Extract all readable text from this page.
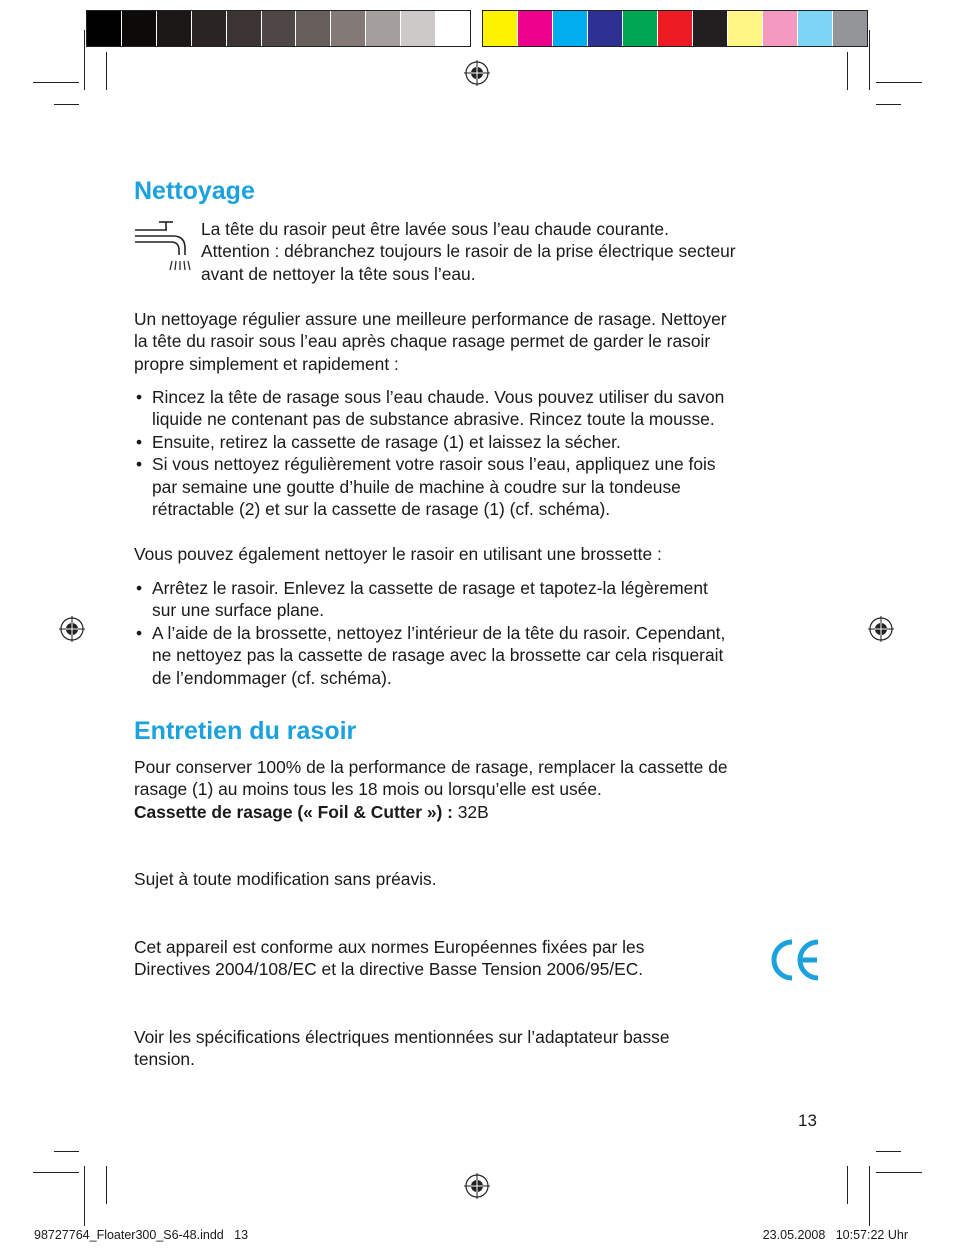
Nettoyage
La tête du rasoir peut être lavée sous l’eau chaude courante.
Attention : débranchez toujours le rasoir de la prise électrique secteur
avant de nettoyer la tête sous l’eau.
Un nettoyage régulier assure une meilleure performance de rasage. Nettoyer
la tête du rasoir sous l’eau après chaque rasage permet de garder le rasoir
propre simplement et rapidement :
• Rincez la tête de rasage sous l’eau chaude. Vous pouvez utiliser du savon
liquide ne contenant pas de substance abrasive. Rincez toute la mousse.
• Ensuite, retirez la cassette de rasage (1) et laissez la sécher.
• Si vous nettoyez régulièrement votre rasoir sous l’eau, appliquez une fois
par semaine une goutte d’huile de machine à coudre sur la tondeuse
rétractable (2) et sur la cassette de rasage (1) (cf. schéma).
Vous pouvez également nettoyer le rasoir en utilisant une brossette :
• Arrêtez le rasoir. Enlevez la cassette de rasage et tapotez-la légèrement
sur une surface plane.
• A l’aide de la brossette, nettoyez l’intérieur de la tête du rasoir. Cependant,
ne nettoyez pas la cassette de rasage avec la brossette car cela risquerait
de l’endommager (cf. schéma).
Entretien du rasoir
Pour conserver 100% de la performance de rasage, remplacer la cassette de
rasage (1) au moins tous les 18 mois ou lorsqu’elle est usée.
Cassette de rasage (« Foil & Cutter ») : 32B
Sujet à toute modification sans préavis.
Cet appareil est conforme aux normes Européennes fixées par les
Directives 2004/108/EC et la directive Basse Tension 2006/95/EC.
Voir les spécifications électriques mentionnées sur l’adaptateur basse
tension.
13
98727764_Floater300_S6-48.indd   13	23.05.2008   10:57:22 Uhr
